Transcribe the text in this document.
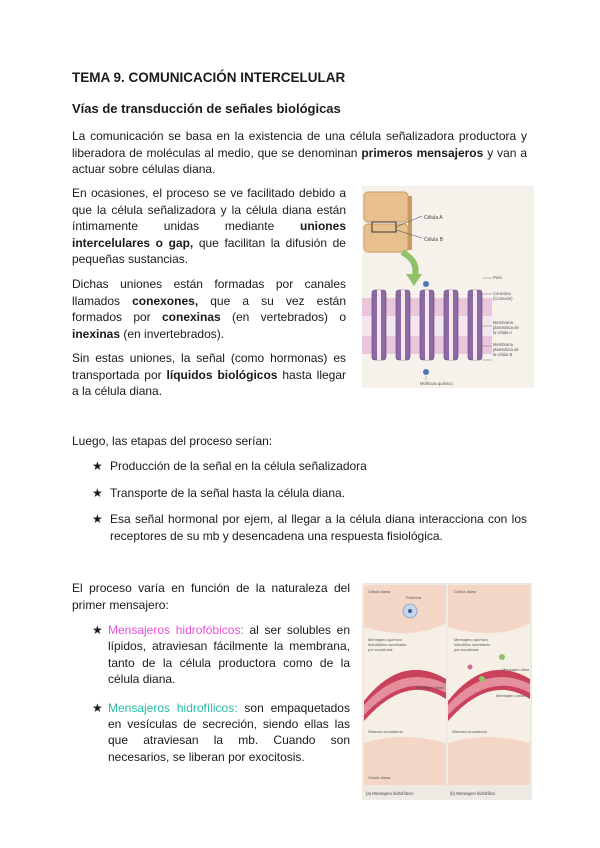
TEMA 9. COMUNICACIÓN INTERCELULAR
Vías de transducción de señales biológicas

La comunicación se basa en la existencia de una célula señalizadora productora y liberadora de moléculas al medio, que se denominan primeros mensajeros y van a actuar sobre células diana.

En ocasiones, el proceso se ve facilitado debido a que la célula señalizadora y la célula diana están íntimamente unidas mediante uniones intercelulares o gap, que facilitan la difusión de pequeñas sustancias.

Dichas uniones están formadas por canales llamados conexones, que a su vez están formados por conexinas (en vertebrados) o inexinas (en invertebrados).

Sin estas uniones, la señal (como hormonas) es transportada por líquidos biológicos hasta llegar a la célula diana.

Célula A
Célula B
Poro
Conexina
(Conexón)
Membrana
plasmática de
la célula A
Membrana
plasmática de
la célula B
Molécula químico
Luego, las etapas del proceso serían:
★ Producción de la señal en la célula señalizadora
★ Transporte de la señal hasta la célula diana.
★ Esa señal hormonal por ejem, al llegar a la célula diana interacciona con los receptores de su mb y desencadena una respuesta fisiológica.

El proceso varía en función de la naturaleza del primer mensajero:

★ Mensajeros hidrofóbicos: al ser solubles en lípidos, atraviesan fácilmente la membrana, tanto de la célula productora como de la célula diana.
★ Mensajeros hidrofílicos: son empaquetados en vesículas de secreción, siendo ellas las que atraviesan la mb. Cuando son necesarios, se liberan por exocitosis.
Célula diana
Proteína
Mensajero químico
hidrofóbico secretado
por exocitosis
Mensajero libre
Sistema circulatorio
Célula diana
Célula diana
Mensajero químico
hidrofílico secretado
por exocitosis
Mensajero libre
Mensajero unido
Sistema circulatorio
(a) Mensajero hidrofóbico	(b) Mensajero hidrofílico
